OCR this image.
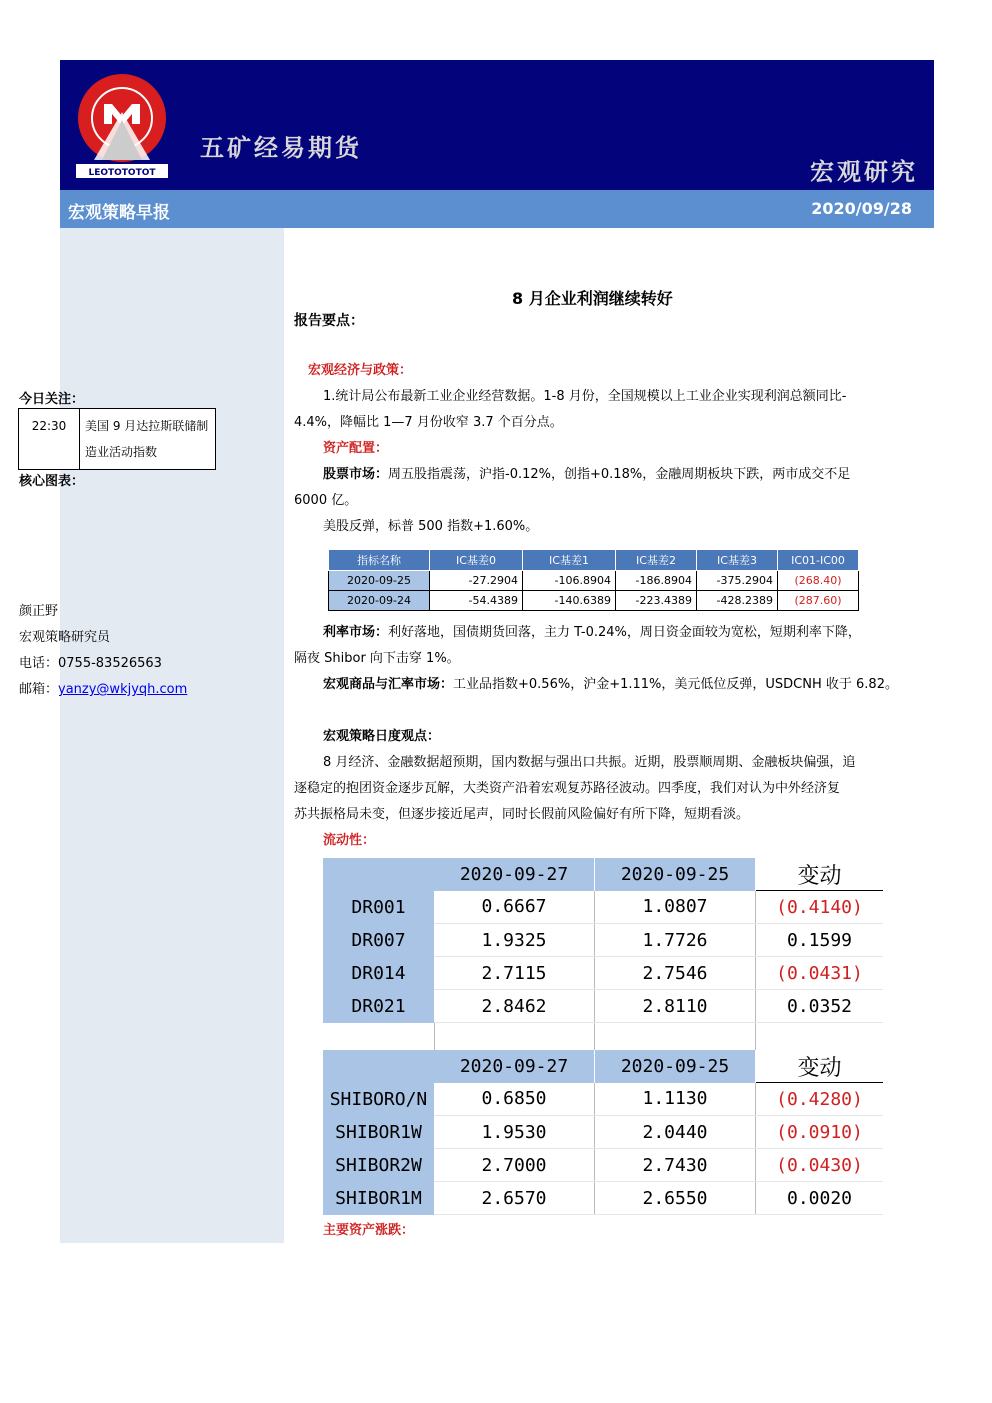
LEOTOTOTOT
五矿经易期货
宏观研究
宏观策略早报	2020/09/28
今日关注：
22:30	美国 9 月达拉斯联储制造业活动指数
核心图表：
颜正野
宏观策略研究员
电话：0755-83526563
邮箱：yanzy@wkjyqh.com
8 月企业利润继续转好
报告要点：
宏观经济与政策：
1.统计局公布最新工业企业经营数据。1-8 月份，全国规模以上工业企业实现利润总额同比-
4.4%，降幅比 1—7 月份收窄 3.7 个百分点。
资产配置：
股票市场：周五股指震荡，沪指-0.12%，创指+0.18%，金融周期板块下跌，两市成交不足
6000 亿。
美股反弹，标普 500 指数+1.60%。
指标名称	IC基差0	IC基差1	IC基差2	IC基差3	IC01-IC00
2020-09-25	-27.2904	-106.8904	-186.8904	-375.2904	(268.40)
2020-09-24	-54.4389	-140.6389	-223.4389	-428.2389	(287.60)
利率市场：利好落地，国债期货回落，主力 T-0.24%，周日资金面较为宽松，短期利率下降，
隔夜 Shibor 向下击穿 1%。
宏观商品与汇率市场：工业品指数+0.56%，沪金+1.11%，美元低位反弹，USDCNH 收于 6.82。
宏观策略日度观点：
8 月经济、金融数据超预期，国内数据与强出口共振。近期，股票顺周期、金融板块偏强，追
逐稳定的抱团资金逐步瓦解，大类资产沿着宏观复苏路径波动。四季度，我们对认为中外经济复
苏共振格局未变，但逐步接近尾声，同时长假前风险偏好有所下降，短期看淡。
流动性：
	2020-09-27	2020-09-25	变动
DR001	0.6667	1.0807	(0.4140)
DR007	1.9325	1.7726	0.1599
DR014	2.7115	2.7546	(0.0431)
DR021	2.8462	2.8110	0.0352

	2020-09-27	2020-09-25	变动
SHIBORO/N	0.6850	1.1130	(0.4280)
SHIBOR1W	1.9530	2.0440	(0.0910)
SHIBOR2W	2.7000	2.7430	(0.0430)
SHIBOR1M	2.6570	2.6550	0.0020
主要资产涨跌：
